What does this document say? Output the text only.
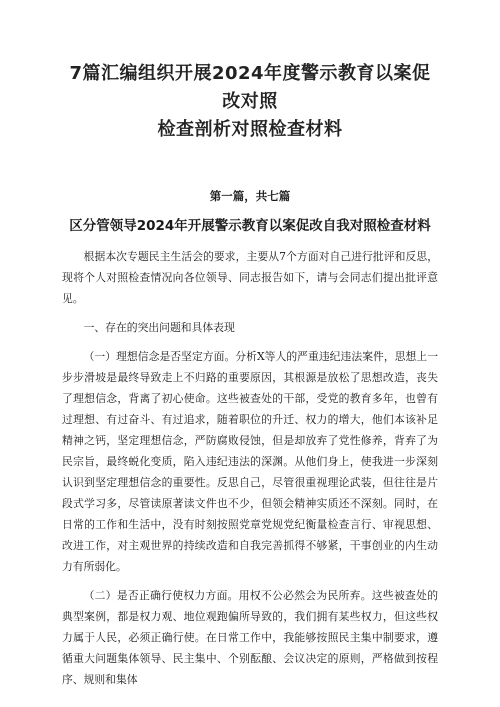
7篇汇编组织开展2024年度警示教育以案促改对照
检查剖析对照检查材料
第一篇，共七篇
区分管领导2024年开展警示教育以案促改自我对照检查材料

根据本次专题民主生活会的要求，主要从7个方面对自己进行批评和反思，现将个人对照检查情况向各位领导、同志报告如下，请与会同志们提出批评意见。

一、存在的突出问题和具体表现

（一）理想信念是否坚定方面。分析X等人的严重违纪违法案件，思想上一步步滑坡是最终导致走上不归路的重要原因，其根源是放松了思想改造，丧失了理想信念，背离了初心使命。这些被查处的干部，受党的教育多年，也曾有过理想、有过奋斗、有过追求，随着职位的升迁、权力的增大，他们本该补足精神之钙，坚定理想信念，严防腐败侵蚀，但是却放弃了党性修养，背弃了为民宗旨，最终蜕化变质，陷入违纪违法的深渊。从他们身上，使我进一步深刻认识到坚定理想信念的重要性。反思自己，尽管很重视理论武装，但往往是片段式学习多，尽管读原著读文件也不少，但领会精神实质还不深刻。同时，在日常的工作和生活中，没有时刻按照党章党规党纪衡量检查言行、审视思想、改进工作，对主观世界的持续改造和自我完善抓得不够紧，干事创业的内生动力有所弱化。

（二）是否正确行使权力方面。用权不公必然会为民所弃。这些被查处的典型案例，都是权力观、地位观跑偏所导致的，我们拥有某些权力，但这些权力属于人民，必须正确行使。在日常工作中，我能够按照民主集中制要求，遵循重大问题集体领导、民主集中、个别酝酿、会议决定的原则，严格做到按程序、规则和集体
